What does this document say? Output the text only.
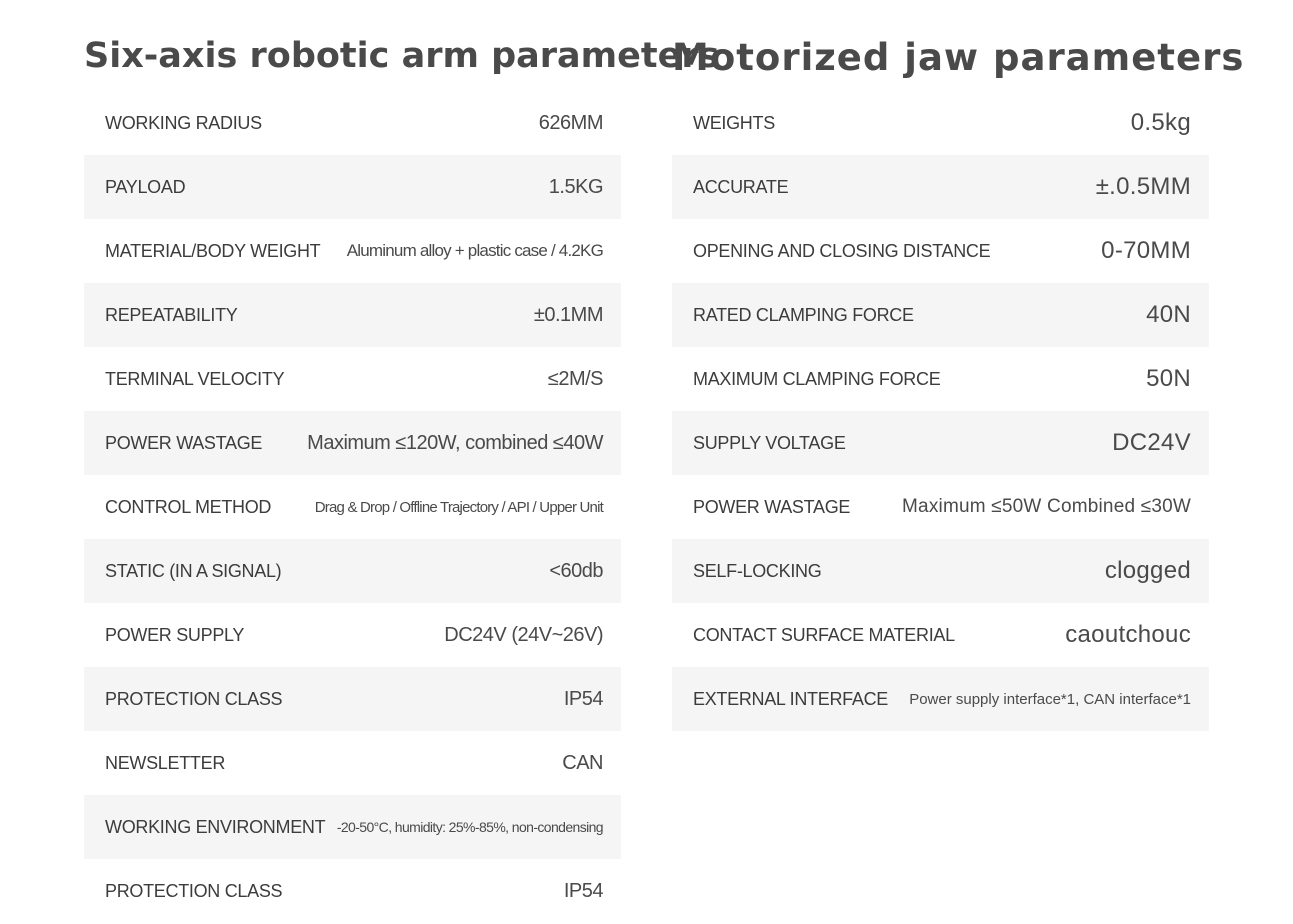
Six-axis robotic arm parameters
WORKING RADIUS	626MM
PAYLOAD	1.5KG
MATERIAL/BODY WEIGHT Aluminum alloy + plastic case / 4.2KG
REPEATABILITY	±0.1MM
TERMINAL VELOCITY	≤2M/S
POWER WASTAGE Maximum ≤120W, combined ≤40W
CONTROL METHOD	Drag & Drop / Offline Trajectory / API / Upper Unit
STATIC (IN A SIGNAL)	<60db
POWER SUPPLY	DC24V (24V~26V)
PROTECTION CLASS	IP54
NEWSLETTER	CAN
WORKING ENVIRONMENT -20-50°C, humidity: 25%-85%, non-condensing
PROTECTION CLASS	IP54
Motorized jaw parameters
WEIGHTS	0.5kg
ACCURATE	±.0.5MM
OPENING AND CLOSING DISTANCE	0-70MM
RATED CLAMPING FORCE	40N
MAXIMUM CLAMPING FORCE	50N
SUPPLY VOLTAGE	DC24V
POWER WASTAGE	Maximum ≤50W Combined ≤30W
SELF-LOCKING	clogged
CONTACT SURFACE MATERIAL	caoutchouc
EXTERNAL INTERFACE Power supply interface*1, CAN interface*1
